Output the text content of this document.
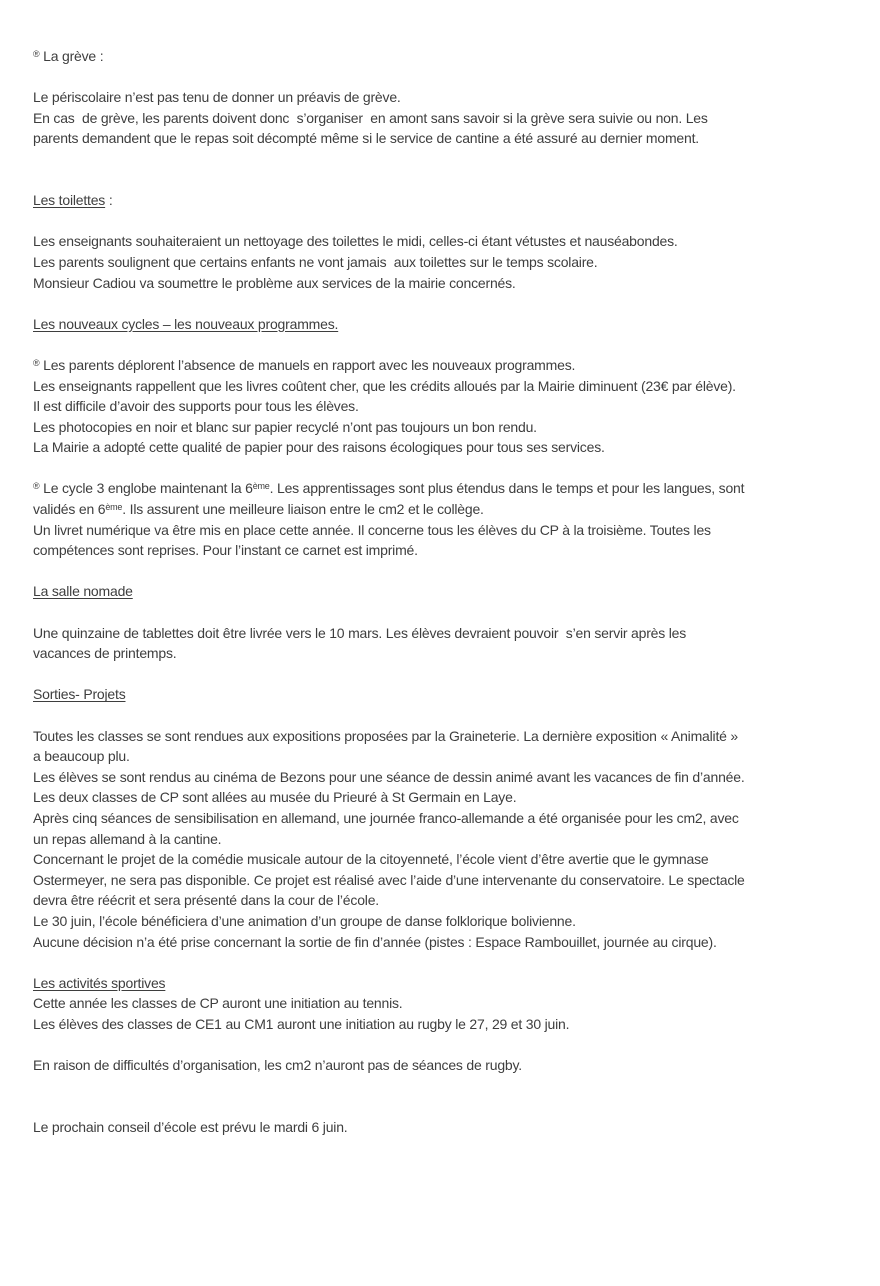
® La grève :

Le périscolaire n’est pas tenu de donner un préavis de grève.

En cas  de grève, les parents doivent donc  s’organiser  en amont sans savoir si la grève sera suivie ou non. Les

parents demandent que le repas soit décompté même si le service de cantine a été assuré au dernier moment.

Les toilettes :

Les enseignants souhaiteraient un nettoyage des toilettes le midi, celles-ci étant vétustes et nauséabondes.

Les parents soulignent que certains enfants ne vont jamais  aux toilettes sur le temps scolaire.

Monsieur Cadiou va soumettre le problème aux services de la mairie concernés.

Les nouveaux cycles – les nouveaux programmes.

® Les parents déplorent l’absence de manuels en rapport avec les nouveaux programmes.

Les enseignants rappellent que les livres coûtent cher, que les crédits alloués par la Mairie diminuent (23€ par élève).

Il est difficile d’avoir des supports pour tous les élèves.

Les photocopies en noir et blanc sur papier recyclé n’ont pas toujours un bon rendu.

La Mairie a adopté cette qualité de papier pour des raisons écologiques pour tous ses services.

® Le cycle 3 englobe maintenant la 6ème. Les apprentissages sont plus étendus dans le temps et pour les langues, sont

validés en 6ème. Ils assurent une meilleure liaison entre le cm2 et le collège.

Un livret numérique va être mis en place cette année. Il concerne tous les élèves du CP à la troisième. Toutes les

compétences sont reprises. Pour l’instant ce carnet est imprimé.

La salle nomade

Une quinzaine de tablettes doit être livrée vers le 10 mars. Les élèves devraient pouvoir  s’en servir après les

vacances de printemps.

Sorties- Projets

Toutes les classes se sont rendues aux expositions proposées par la Graineterie. La dernière exposition « Animalité »

a beaucoup plu.

Les élèves se sont rendus au cinéma de Bezons pour une séance de dessin animé avant les vacances de fin d’année.

Les deux classes de CP sont allées au musée du Prieuré à St Germain en Laye.

Après cinq séances de sensibilisation en allemand, une journée franco-allemande a été organisée pour les cm2, avec

un repas allemand à la cantine.

Concernant le projet de la comédie musicale autour de la citoyenneté, l’école vient d’être avertie que le gymnase

Ostermeyer, ne sera pas disponible. Ce projet est réalisé avec l’aide d’une intervenante du conservatoire. Le spectacle

devra être réécrit et sera présenté dans la cour de l’école.

Le 30 juin, l’école bénéficiera d’une animation d’un groupe de danse folklorique bolivienne.

Aucune décision n’a été prise concernant la sortie de fin d’année (pistes : Espace Rambouillet, journée au cirque).

Les activités sportives

Cette année les classes de CP auront une initiation au tennis.

Les élèves des classes de CE1 au CM1 auront une initiation au rugby le 27, 29 et 30 juin.

En raison de difficultés d’organisation, les cm2 n’auront pas de séances de rugby.

Le prochain conseil d’école est prévu le mardi 6 juin.
